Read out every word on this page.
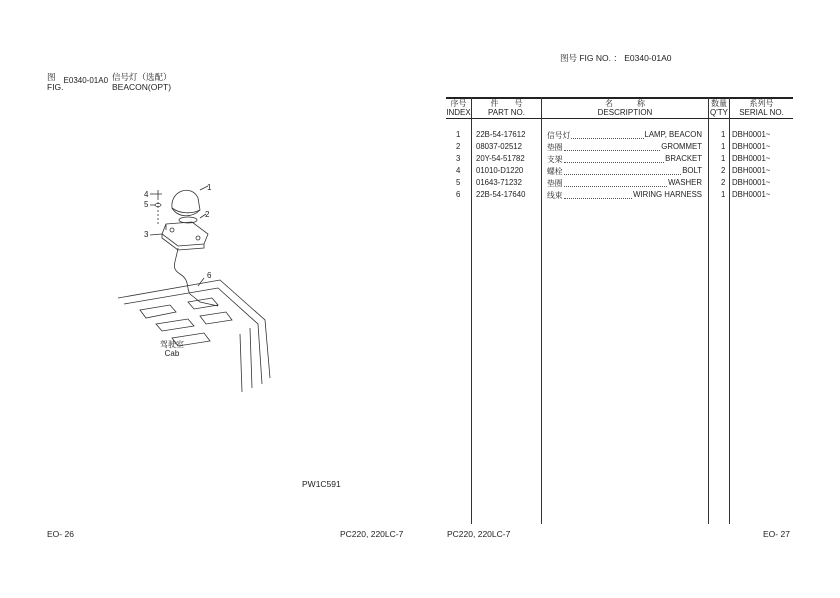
图
FIG.
E0340-01A0 信号灯（选配）
BEACON(OPT)
1
2
3
4
5
6
驾驶室
Cab
PW1C591
EO- 26	PC220, 220LC-7
图号 FIG NO. ： E0340-01A0
序号
INDEX
件　　号
PART NO.
名　　　称
DESCRIPTION
数量
Q'TY
系列号
SERIAL NO.
1 22B-54-17612	信号灯	LAMP, BEACON 1 DBH0001~
2 08037-02512	垫圈	GROMMET 1 DBH0001~
3 20Y-54-51782	支架	BRACKET 1 DBH0001~
4 01010-D1220	螺栓	BOLT 2 DBH0001~
5 01643-71232	垫圈	WASHER 2 DBH0001~
6 22B-54-17640	线束	WIRING HARNESS 1 DBH0001~
PC220, 220LC-7	EO- 27
